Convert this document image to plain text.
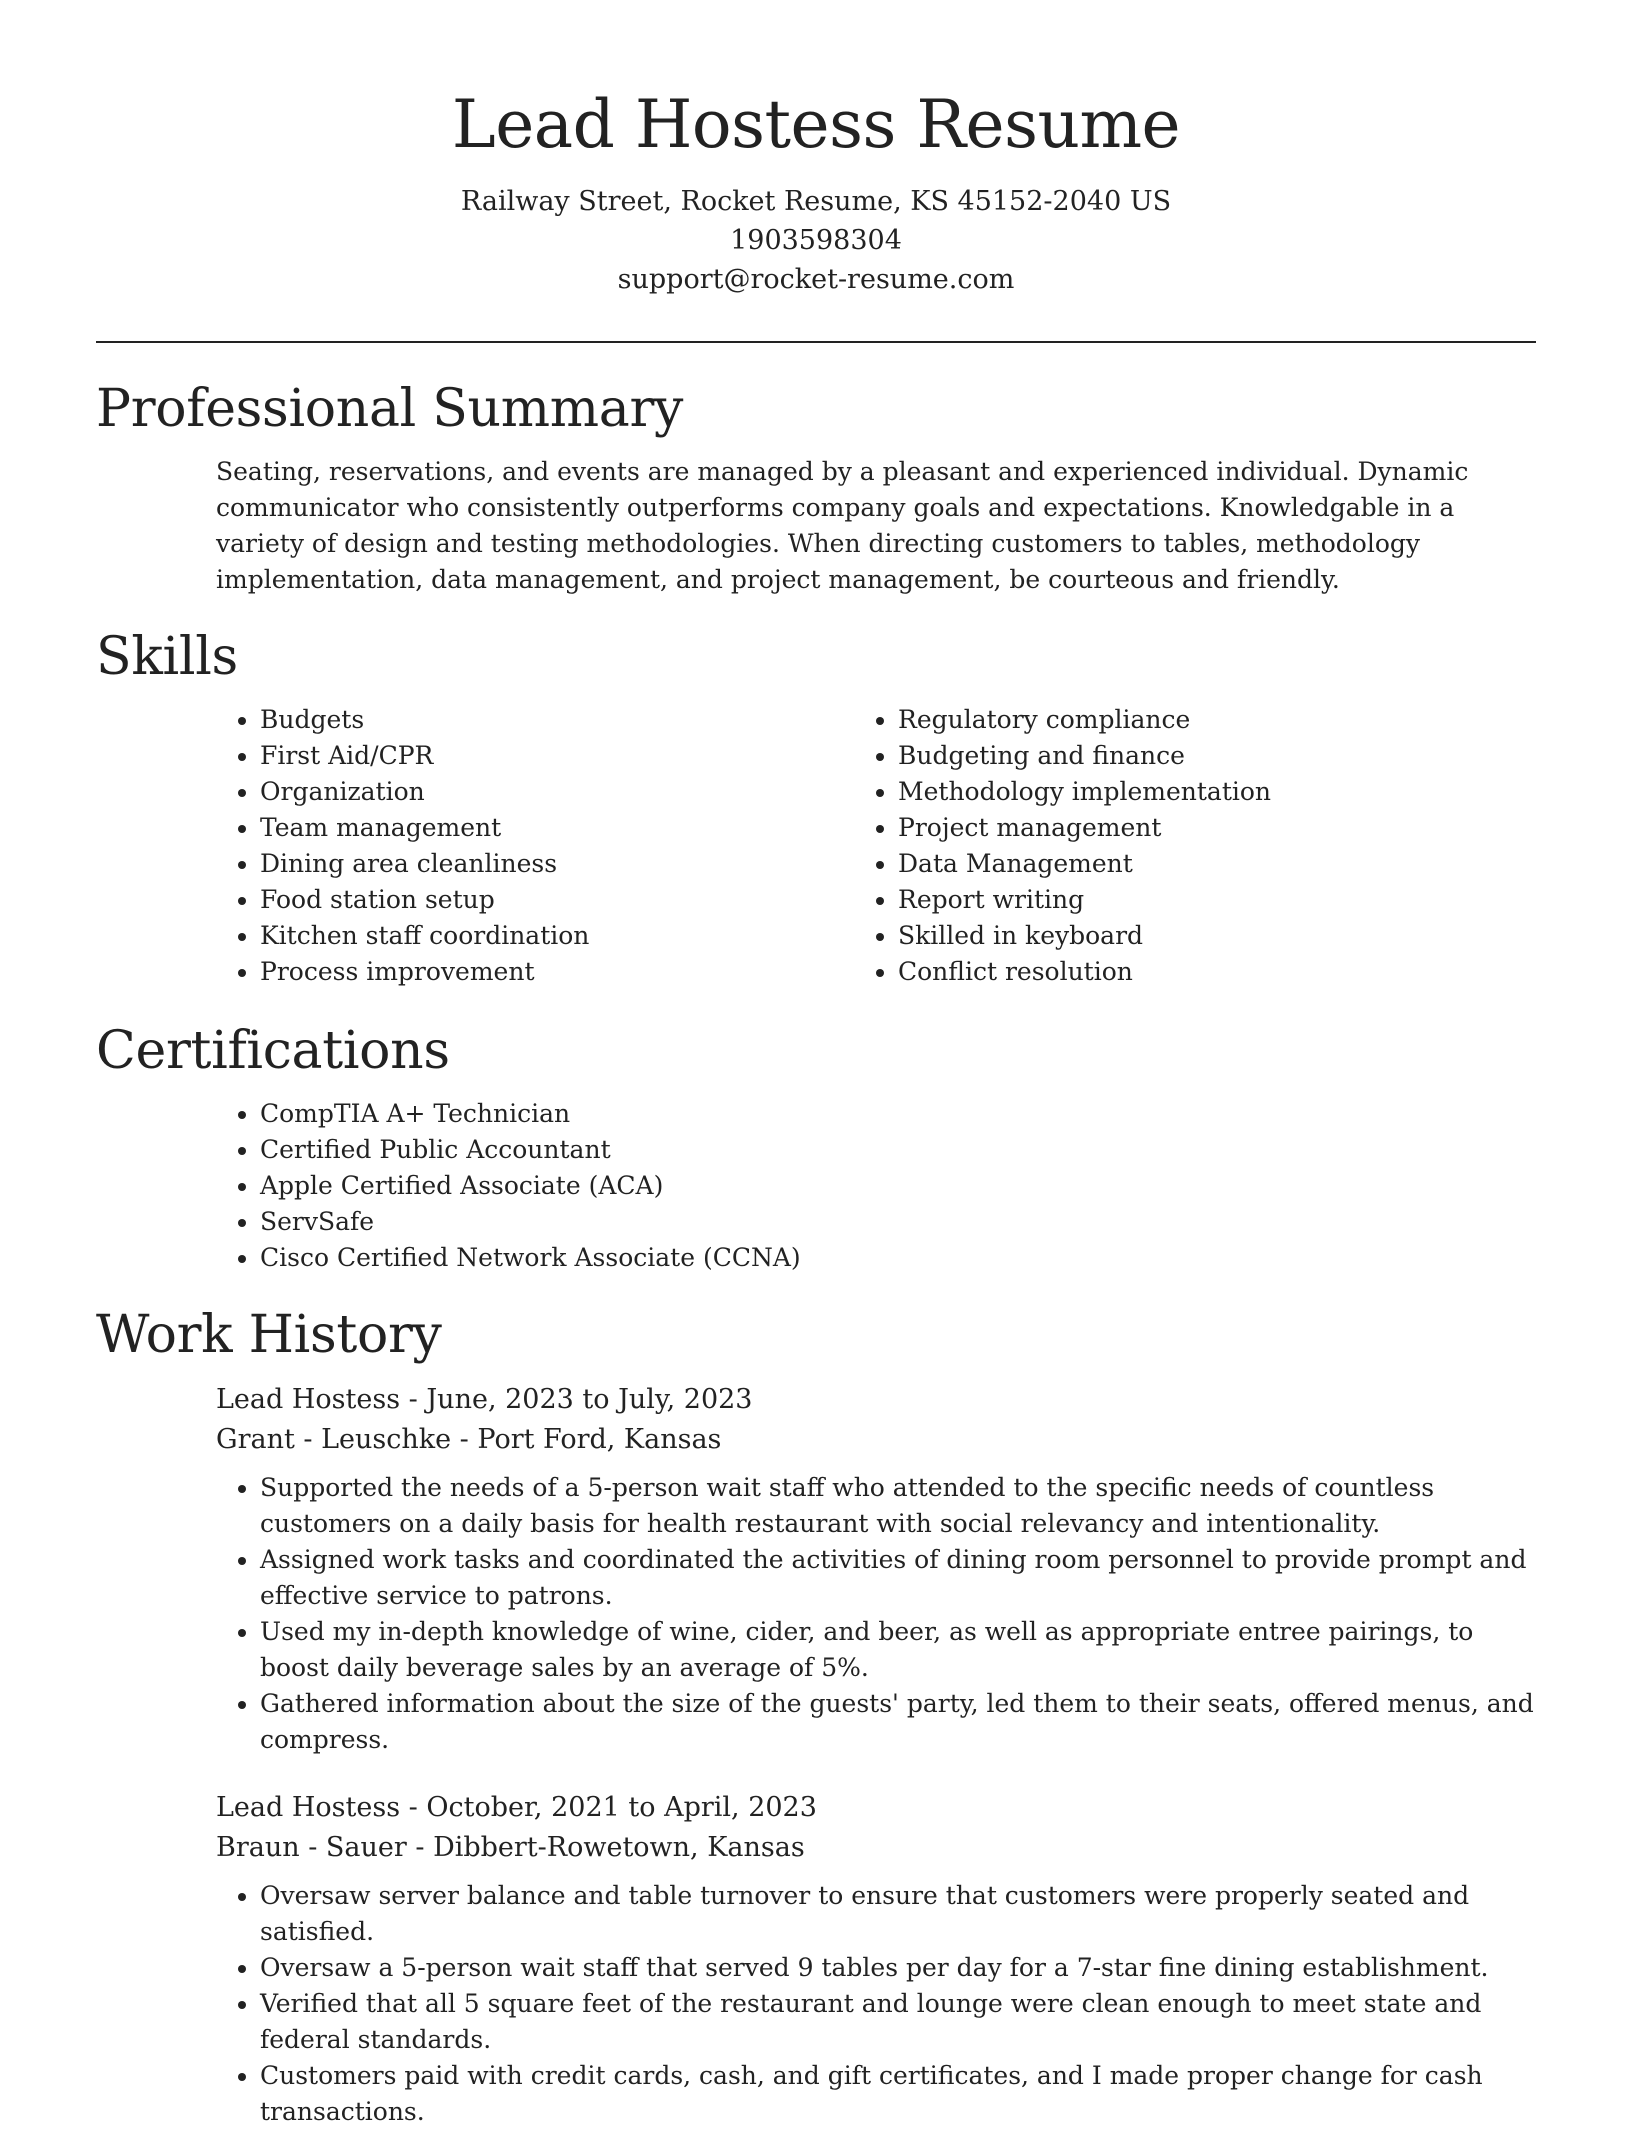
Lead Hostess Resume
Railway Street, Rocket Resume, KS 45152-2040 US
1903598304
support@rocket-resume.com
Professional Summary
Seating, reservations, and events are managed by a pleasant and experienced individual. Dynamic communicator who consistently outperforms company goals and expectations. Knowledgable in a variety of design and testing methodologies. When directing customers to tables, methodology implementation, data management, and project management, be courteous and friendly.
Skills
• Budgets
• First Aid/CPR
• Organization
• Team management
• Dining area cleanliness
• Food station setup
• Kitchen staff coordination
• Process improvement
• Regulatory compliance
• Budgeting and finance
• Methodology implementation
• Project management
• Data Management
• Report writing
• Skilled in keyboard
• Conflict resolution
Certifications
• CompTIA A+ Technician
• Certified Public Accountant
• Apple Certified Associate (ACA)
• ServSafe
• Cisco Certified Network Associate (CCNA)
Work History
Lead Hostess - June, 2023 to July, 2023
Grant - Leuschke - Port Ford, Kansas
• Supported the needs of a 5-person wait staff who attended to the specific needs of countless customers on a daily basis for health restaurant with social relevancy and intentionality.
• Assigned work tasks and coordinated the activities of dining room personnel to provide prompt and effective service to patrons.
• Used my in-depth knowledge of wine, cider, and beer, as well as appropriate entree pairings, to boost daily beverage sales by an average of 5%.
• Gathered information about the size of the guests' party, led them to their seats, offered menus, and compress.
Lead Hostess - October, 2021 to April, 2023
Braun - Sauer - Dibbert-Rowetown, Kansas
• Oversaw server balance and table turnover to ensure that customers were properly seated and satisfied.
• Oversaw a 5-person wait staff that served 9 tables per day for a 7-star fine dining establishment.
• Verified that all 5 square feet of the restaurant and lounge were clean enough to meet state and federal standards.
• Customers paid with credit cards, cash, and gift certificates, and I made proper change for cash transactions.
